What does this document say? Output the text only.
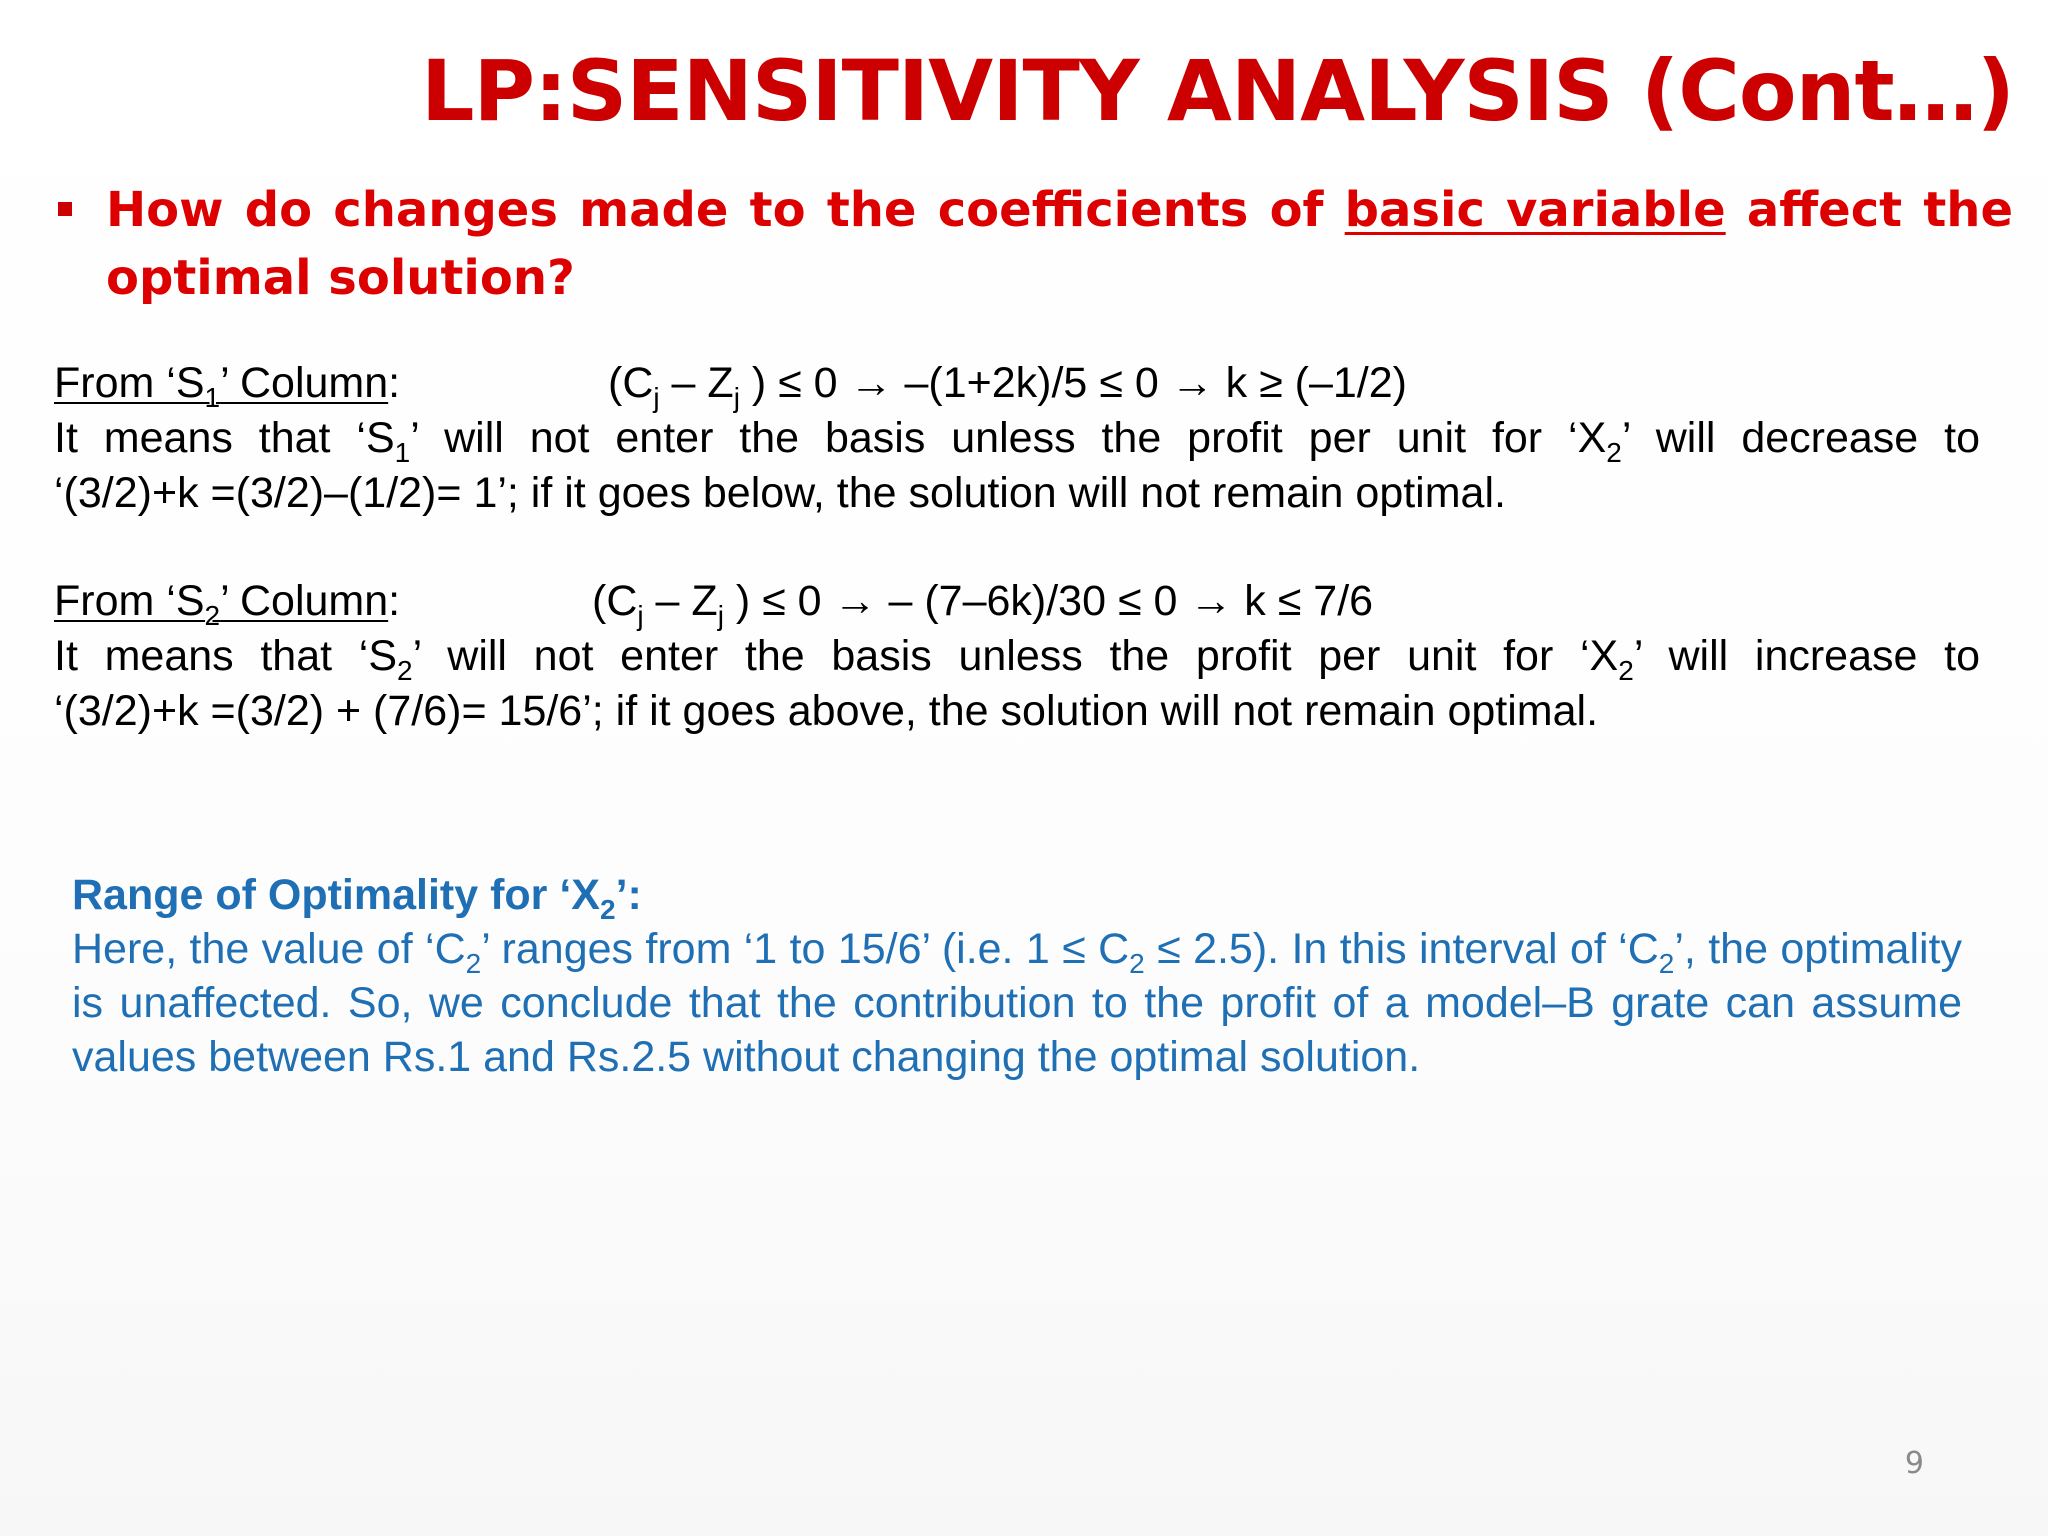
LP:SENSITIVITY ANALYSIS (Cont…)

How do changes made to the coefficients of basic variable affect the optimal solution?

From ‘$S_1$’ Column:	($C_j - Z_j$ ) ≤ 0 → –(1+2k)/5 ≤ 0 → k ≥ (–1/2)
It means that ‘$S_1$’ will not enter the basis unless the profit per unit for ‘$X_2$’ will decrease to
‘(3/2)+k =(3/2)–(1/2)= 1’; if it goes below, the solution will not remain optimal.
From ‘$S_2$’ Column:	($C_j - Z_j$ ) ≤ 0 → – (7–6k)/30 ≤ 0 → k ≤ 7/6
It means that ‘$S_2$’ will not enter the basis unless the profit per unit for ‘$X_2$’ will increase to
‘(3/2)+k =(3/2) + (7/6)= 15/6’; if it goes above, the solution will not remain optimal.
Range of Optimality for ‘$X_2$’:

Here, the value of ‘$C_2$’ ranges from ‘1 to 15/6’ (i.e. $1 \le C_2 \le 2.5$). In this interval of ‘$C_2$’, the optimality is unaffected. So, we conclude that the contribution to the profit of a model–B grate can assume values between Rs.1 and Rs.2.5 without changing the optimal solution.

9
